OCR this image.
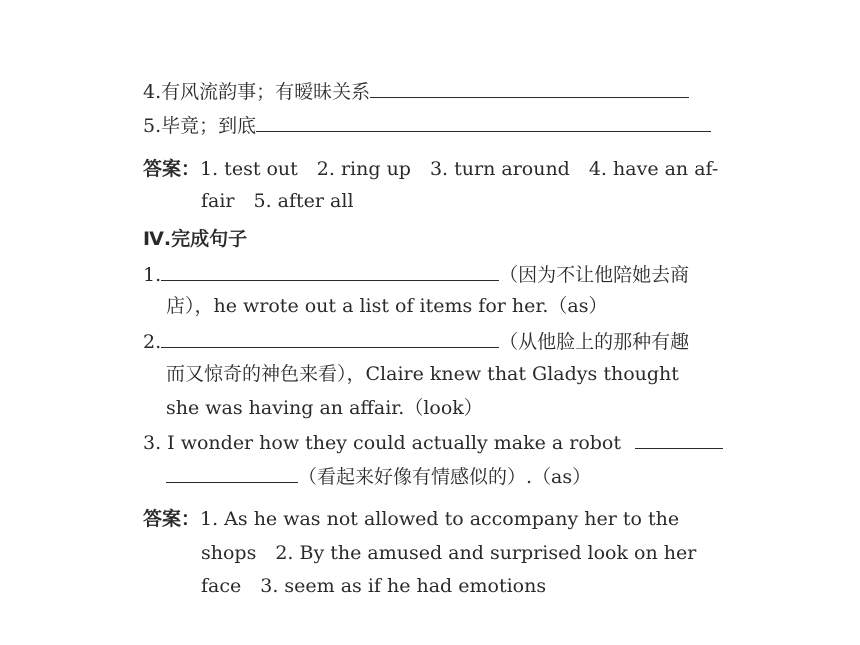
4.有风流韵事；有暧昧关系
5.毕竟；到底
答案：1. test out　2. ring up　3. turn around　4. have an af-
fair　5. after all
Ⅳ.完成句子
1.	（因为不让他陪她去商
店），he wrote out a list of items for her.（as）
2.	（从他脸上的那种有趣
而又惊奇的神色来看），Claire knew that Gladys thought
she was having an affair.（look）
3. I wonder how they could actually make a robot
（看起来好像有情感似的）.（as）
答案：1. As he was not allowed to accompany her to the
shops　2. By the amused and surprised look on her
face　3. seem as if he had emotions
